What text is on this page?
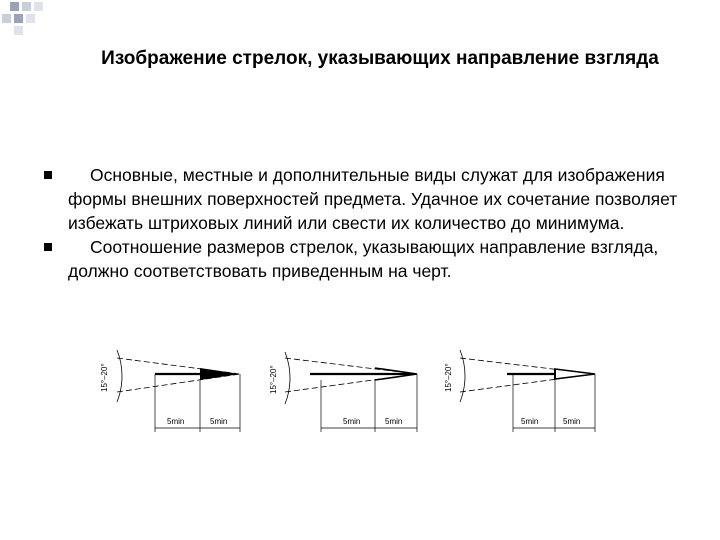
Изображение стрелок, указывающих направление взгляда
Основные, местные и дополнительные виды служат для изображения формы внешних поверхностей предмета. Удачное их сочетание позволяет избежать штриховых линий или свести их количество до минимума.
Соотношение размеров стрелок, указывающих направление взгляда, должно соответствовать приведенным на черт.
15°–20°
5min	5min
15°–20°
5min	5min
15°–20°
5min	5min
